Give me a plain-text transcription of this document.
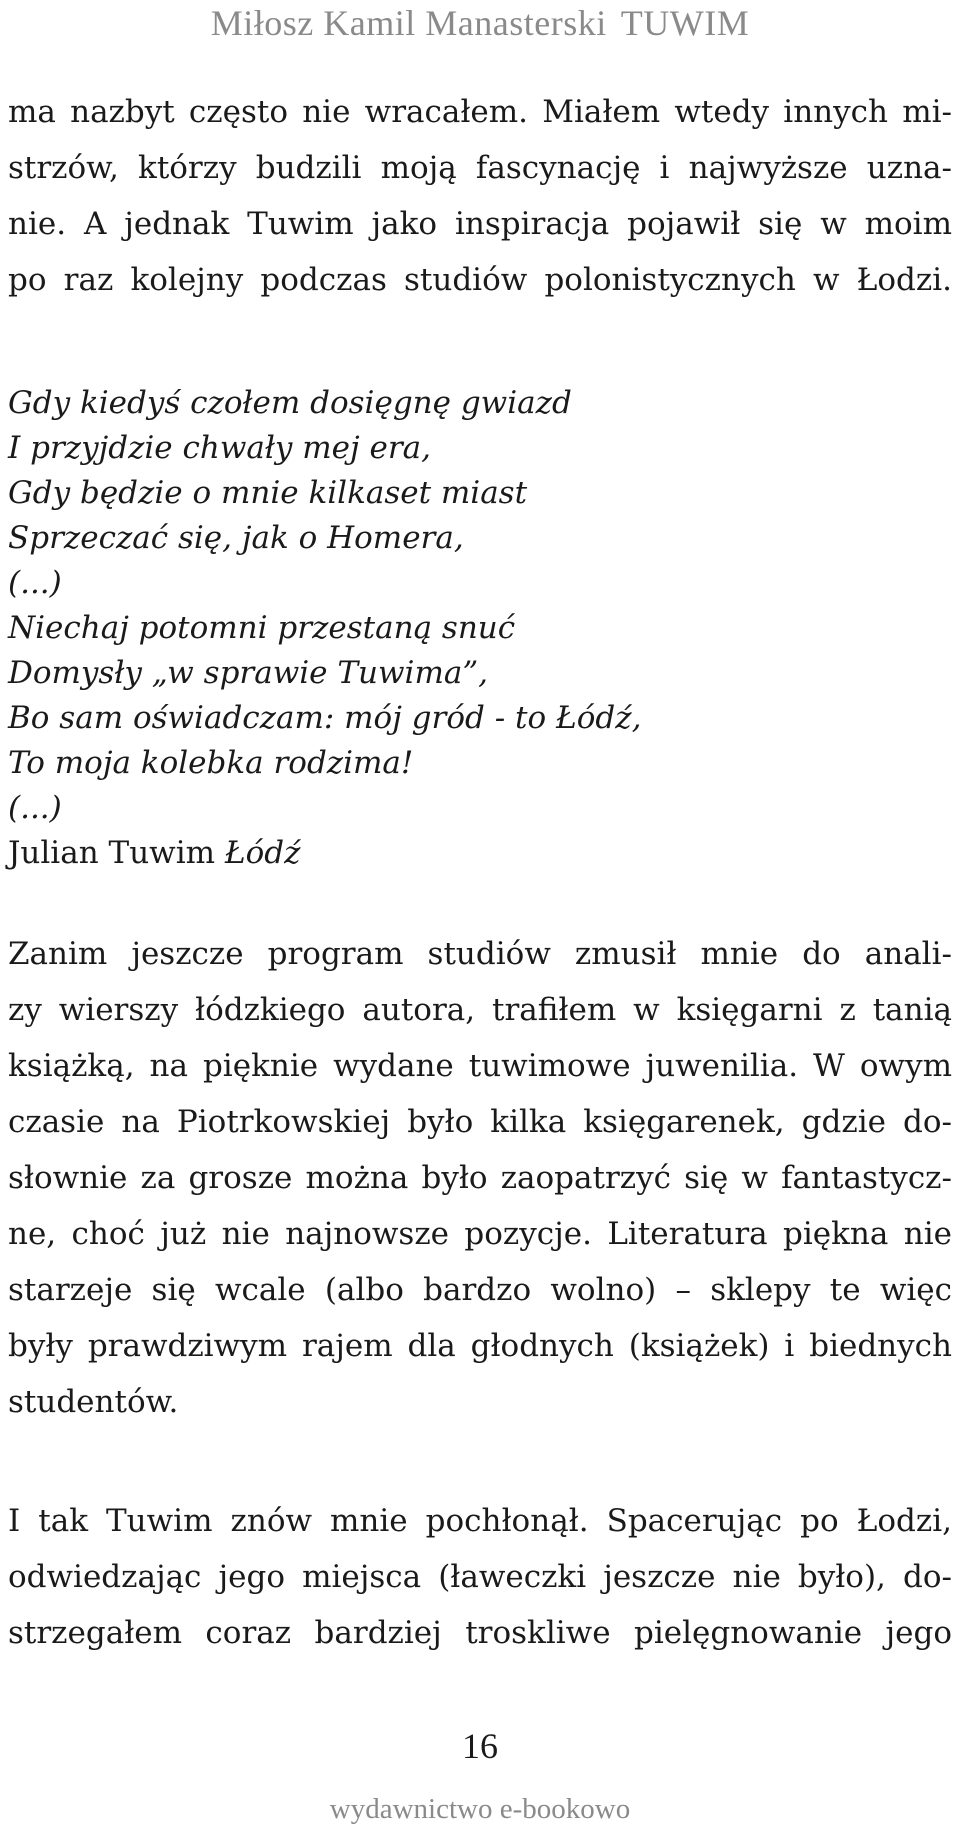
Miłosz Kamil Manasterski TUWIM
ma nazbyt często nie wracałem. Miałem wtedy innych mi-
strzów, którzy budzili moją fascynację i najwyższe uzna-
nie. A jednak Tuwim jako inspiracja pojawił się w moim
po raz kolejny podczas studiów polonistycznych w Łodzi.
Gdy kiedyś czołem dosięgnę gwiazd
I przyjdzie chwały mej era,
Gdy będzie o mnie kilkaset miast
Sprzeczać się, jak o Homera,
(...)
Niechaj potomni przestaną snuć
Domysły „w sprawie Tuwima”,
Bo sam oświadczam: mój gród - to Łódź,
To moja kolebka rodzima!
(...)
Julian Tuwim Łódź
Zanim jeszcze program studiów zmusił mnie do anali-
zy wierszy łódzkiego autora, trafiłem w księgarni z tanią
książką, na pięknie wydane tuwimowe juwenilia. W owym
czasie na Piotrkowskiej było kilka księgarenek, gdzie do-
słownie za grosze można było zaopatrzyć się w fantastycz-
ne, choć już nie najnowsze pozycje. Literatura piękna nie
starzeje się wcale (albo bardzo wolno) – sklepy te więc
były prawdziwym rajem dla głodnych (książek) i biednych
studentów.
I tak Tuwim znów mnie pochłonął. Spacerując po Łodzi,
odwiedzając jego miejsca (ławeczki jeszcze nie było), do-
strzegałem coraz bardziej troskliwe pielęgnowanie jego
16
wydawnictwo e-bookowo
